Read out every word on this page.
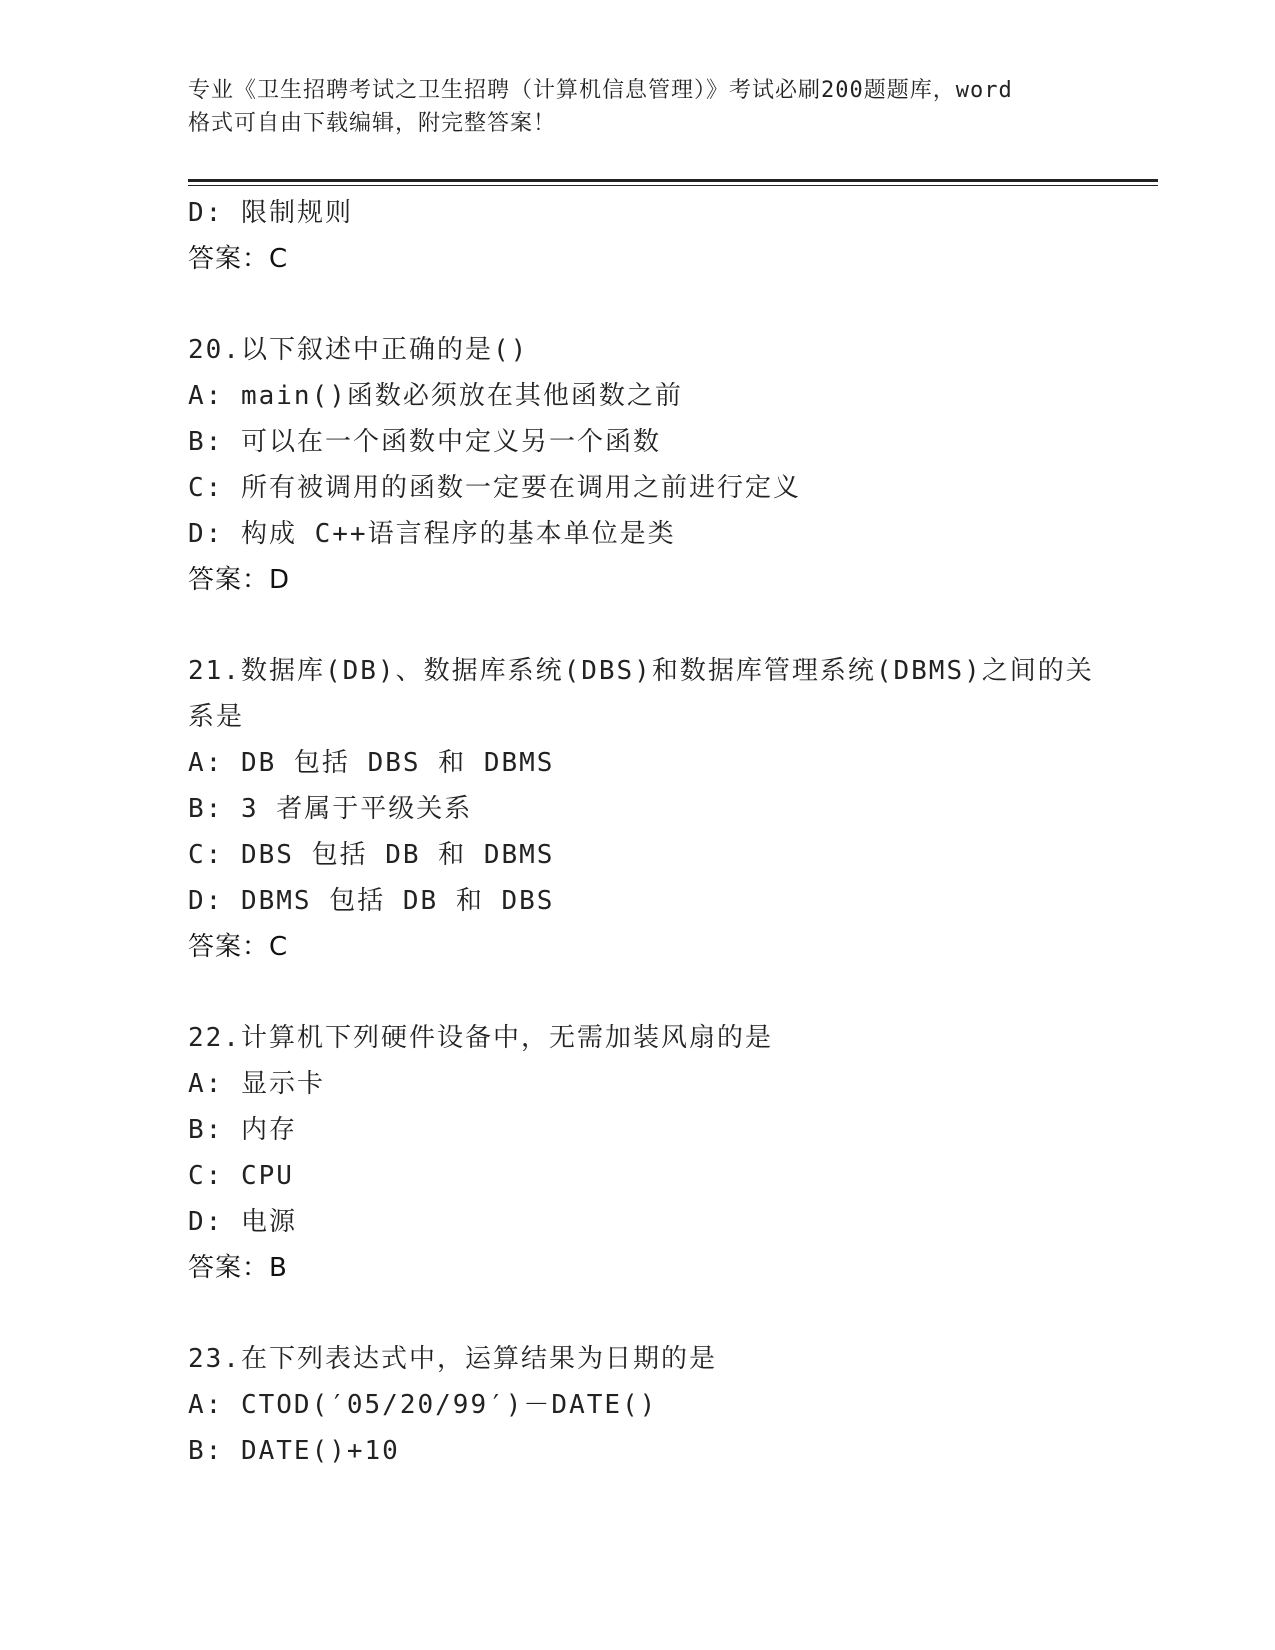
专业《卫生招聘考试之卫生招聘（计算机信息管理）》考试必刷200题题库，word
格式可自由下载编辑，附完整答案！
D: 限制规则
答案：C
20.以下叙述中正确的是()
A: main()函数必须放在其他函数之前
B: 可以在一个函数中定义另一个函数
C: 所有被调用的函数一定要在调用之前进行定义
D: 构成 C++语言程序的基本单位是类
答案：D
21.数据库(DB)、数据库系统(DBS)和数据库管理系统(DBMS)之间的关
系是
A: DB 包括 DBS 和 DBMS
B: 3 者属于平级关系
C: DBS 包括 DB 和 DBMS
D: DBMS 包括 DB 和 DBS
答案：C
22.计算机下列硬件设备中，无需加装风扇的是
A: 显示卡
B: 内存
C: CPU
D: 电源
答案：B
23.在下列表达式中，运算结果为日期的是
A: CTOD(′05/20/99′)－DATE()
B: DATE()+10
